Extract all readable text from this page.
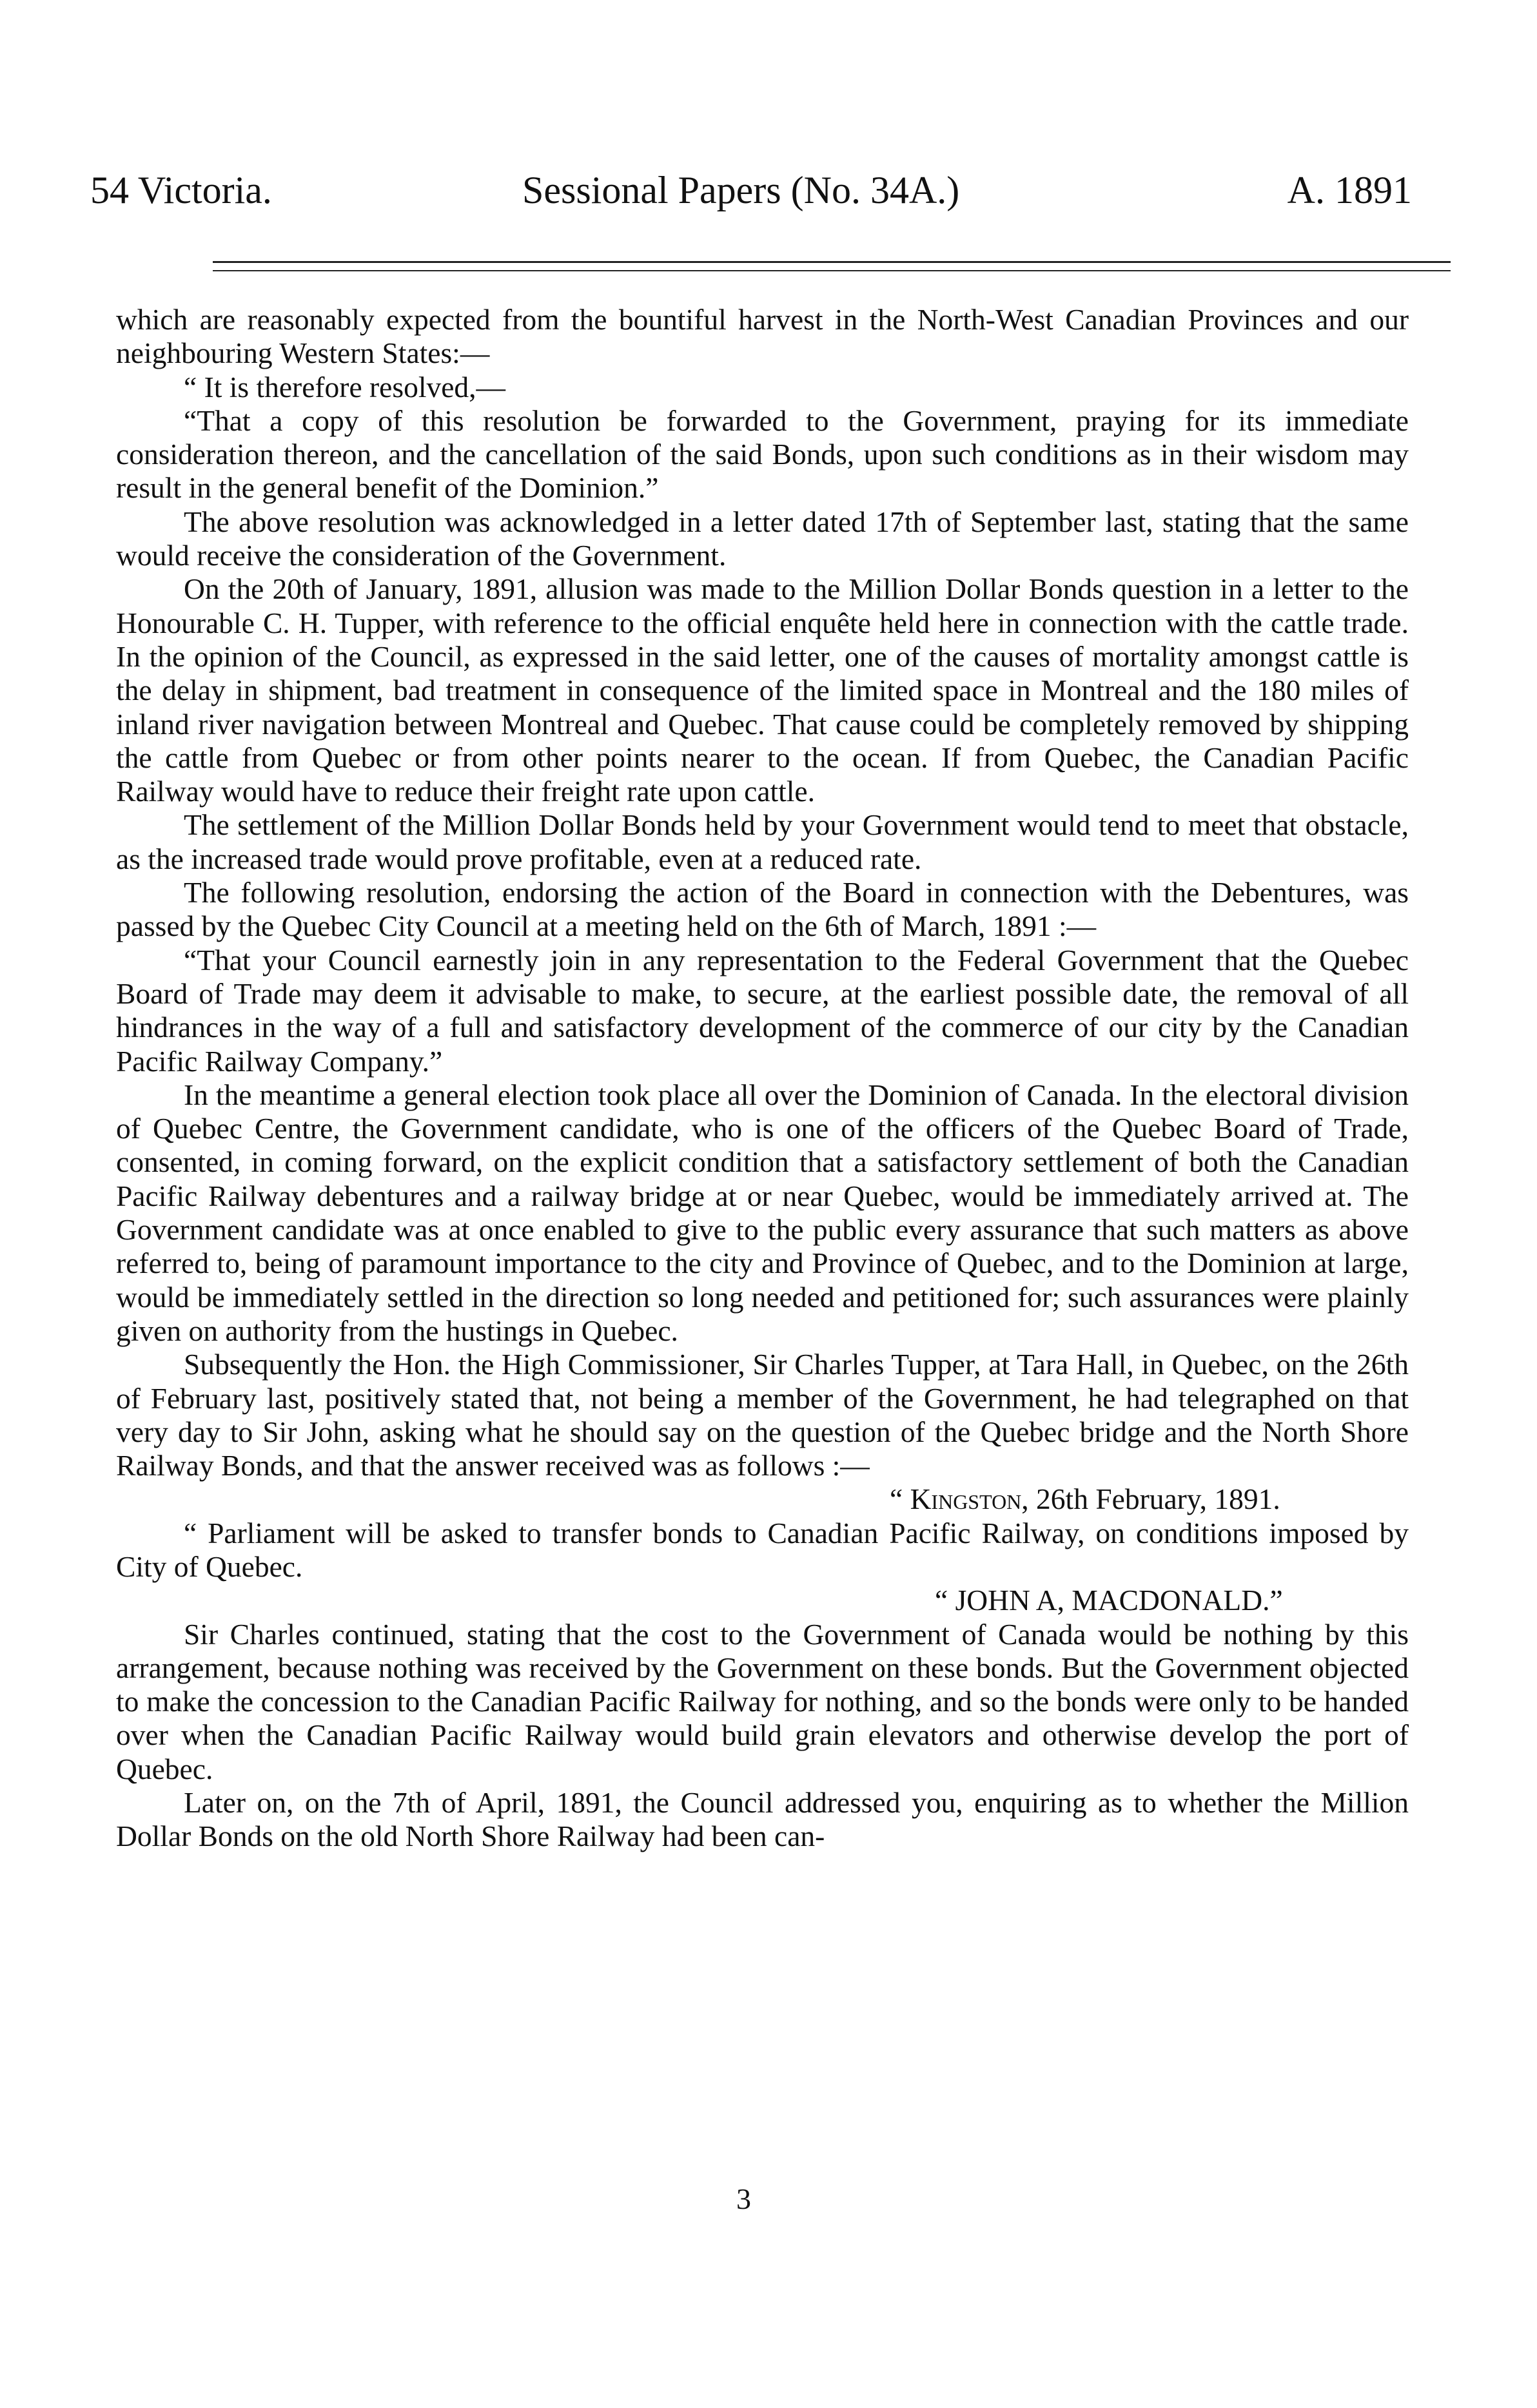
54 Victoria.	Sessional Papers (No. 34A.)	A. 1891

which are reasonably expected from the bountiful harvest in the North-West Canadian Provinces and our neighbouring Western States:—

“ It is therefore resolved,—

“That a copy of this resolution be forwarded to the Government, praying for its immediate consideration thereon, and the cancellation of the said Bonds, upon such conditions as in their wisdom may result in the general benefit of the Dominion.”

The above resolution was acknowledged in a letter dated 17th of September last, stating that the same would receive the consideration of the Government.

On the 20th of January, 1891, allusion was made to the Million Dollar Bonds question in a letter to the Honourable C. H. Tupper, with reference to the official enquête held here in connection with the cattle trade. In the opinion of the Council, as expressed in the said letter, one of the causes of mortality amongst cattle is the delay in shipment, bad treatment in consequence of the limited space in Montreal and the 180 miles of inland river navigation between Montreal and Quebec. That cause could be completely removed by shipping the cattle from Quebec or from other points nearer to the ocean. If from Quebec, the Canadian Pacific Railway would have to reduce their freight rate upon cattle.

The settlement of the Million Dollar Bonds held by your Government would tend to meet that obstacle, as the increased trade would prove profitable, even at a reduced rate.

The following resolution, endorsing the action of the Board in connection with the Debentures, was passed by the Quebec City Council at a meeting held on the 6th of March, 1891 :—

“That your Council earnestly join in any representation to the Federal Government that the Quebec Board of Trade may deem it advisable to make, to secure, at the earliest possible date, the removal of all hindrances in the way of a full and satisfactory development of the commerce of our city by the Canadian Pacific Railway Company.”

In the meantime a general election took place all over the Dominion of Canada. In the electoral division of Quebec Centre, the Government candidate, who is one of the officers of the Quebec Board of Trade, consented, in coming forward, on the explicit condition that a satisfactory settlement of both the Canadian Pacific Railway debentures and a railway bridge at or near Quebec, would be immediately arrived at. The Government candidate was at once enabled to give to the public every assurance that such matters as above referred to, being of paramount importance to the city and Province of Quebec, and to the Dominion at large, would be immediately settled in the direction so long needed and petitioned for; such assurances were plainly given on authority from the hustings in Quebec.

Subsequently the Hon. the High Commissioner, Sir Charles Tupper, at Tara Hall, in Quebec, on the 26th of February last, positively stated that, not being a member of the Government, he had telegraphed on that very day to Sir John, asking what he should say on the question of the Quebec bridge and the North Shore Railway Bonds, and that the answer received was as follows :—

“ Kingston, 26th February, 1891.

“ Parliament will be asked to transfer bonds to Canadian Pacific Railway, on conditions imposed by City of Quebec.

“ JOHN A, MACDONALD.”

Sir Charles continued, stating that the cost to the Government of Canada would be nothing by this arrangement, because nothing was received by the Government on these bonds. But the Government objected to make the concession to the Canadian Pacific Railway for nothing, and so the bonds were only to be handed over when the Canadian Pacific Railway would build grain elevators and otherwise develop the port of Quebec.

Later on, on the 7th of April, 1891, the Council addressed you, enquiring as to whether the Million Dollar Bonds on the old North Shore Railway had been can-

3
